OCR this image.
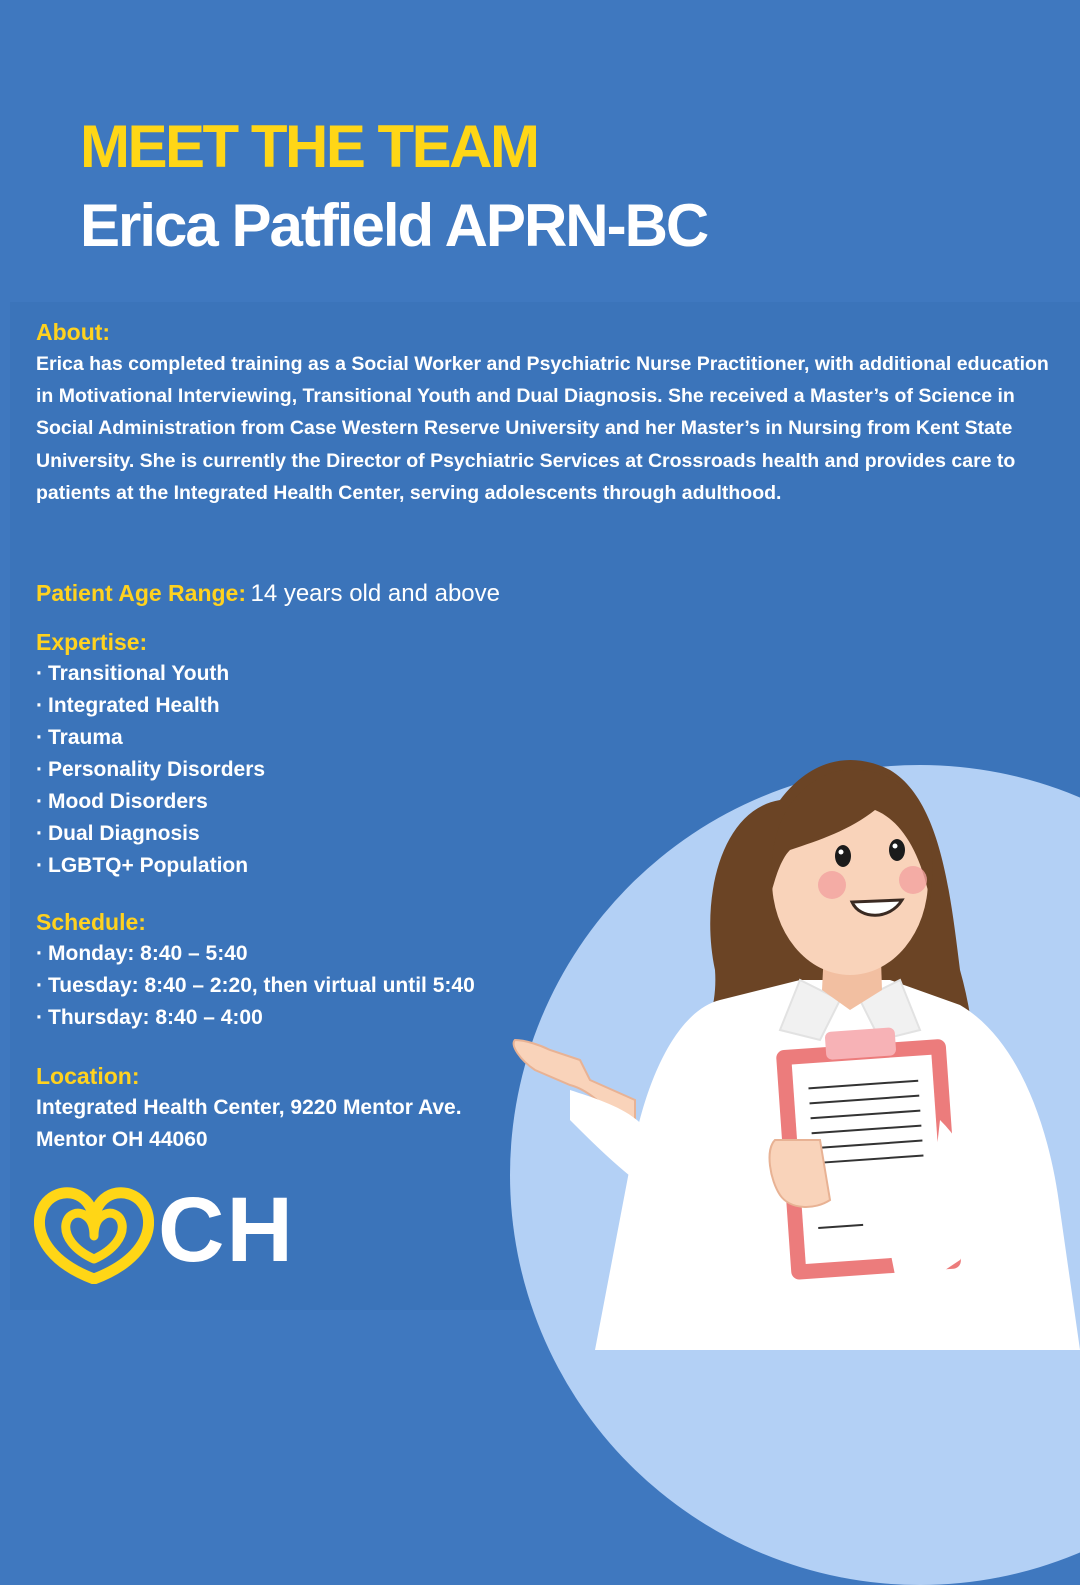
MEET THE TEAM
Erica Patfield APRN-BC
About:
Erica has completed training as a Social Worker and Psychiatric Nurse Practitioner, with additional education in Motivational Interviewing, Transitional Youth and Dual Diagnosis. She received a Master’s of Science in Social Administration from Case Western Reserve University and her Master’s in Nursing from Kent State University. She is currently the Director of Psychiatric Services at Crossroads health and provides care to patients at the Integrated Health Center, serving adolescents through adulthood.
Patient Age Range: 14 years old and above
Expertise:
· Transitional Youth
· Integrated Health
· Trauma
· Personality Disorders
· Mood Disorders
· Dual Diagnosis
· LGBTQ+ Population
Schedule:
· Monday: 8:40 – 5:40
· Tuesday: 8:40 – 2:20, then virtual until 5:40
· Thursday: 8:40 – 4:00
Location:
Integrated Health Center, 9220 Mentor Ave.
Mentor OH 44060
CH
